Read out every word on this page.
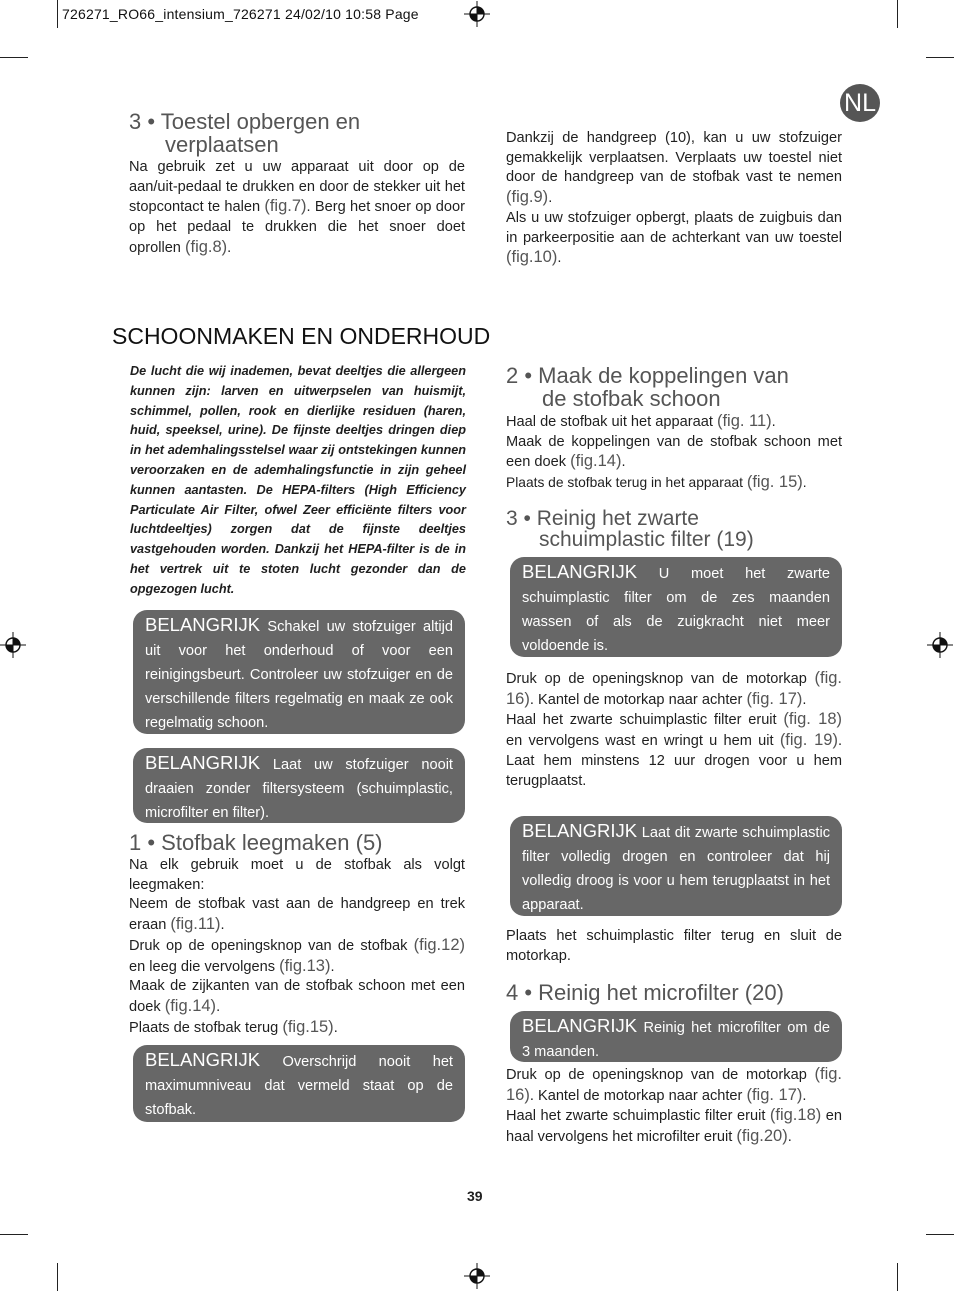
726271_RO66_intensium_726271 24/02/10 10:58 Page
NL
3 • Toestel opbergen en
verplaatsen

Na gebruik zet u uw apparaat uit door op de aan/uit-pedaal te drukken en door de stekker uit het stopcontact te halen (fig.7). Berg het snoer op door op het pedaal te drukken die het snoer doet oprollen (fig.8).

Dankzij de handgreep (10), kan u uw stofzuiger gemakkelijk verplaatsen. Verplaats uw toestel niet door de handgreep van de stofbak vast te nemen (fig.9).

Als u uw stofzuiger opbergt, plaats de zuigbuis dan in parkeerpositie aan de achterkant van uw toestel (fig.10).

SCHOONMAKEN EN ONDERHOUD

De lucht die wij inademen, bevat deeltjes die allergeen kunnen zijn: larven en uitwerpselen van huismijt, schimmel, pollen, rook en dierlijke residuen (haren, huid, speeksel, urine). De fijnste deeltjes dringen diep in het ademhalingsstelsel waar zij ontstekingen kunnen veroorzaken en de ademhalingsfunctie in zijn geheel kunnen aantasten. De HEPA-filters (High Efficiency Particulate Air Filter, ofwel Zeer efficiënte filters voor luchtdeeltjes) zorgen dat de fijnste deeltjes vastgehouden worden. Dankzij het HEPA-filter is de in het vertrek uit te stoten lucht gezonder dan de opgezogen lucht.

BELANGRIJK Schakel uw stofzuiger altijd uit voor het onderhoud of voor een reinigingsbeurt. Controleer uw stofzuiger en de verschillende filters regelmatig en maak ze ook regelmatig schoon.

BELANGRIJK Laat uw stofzuiger nooit draaien zonder filtersysteem (schuimplastic, microfilter en filter).

1 • Stofbak leegmaken (5)

Na elk gebruik moet u de stofbak als volgt leegmaken:

Neem de stofbak vast aan de handgreep en trek eraan (fig.11).

Druk op de openingsknop van de stofbak (fig.12) en leeg die vervolgens (fig.13).

Maak de zijkanten van de stofbak schoon met een doek (fig.14).

Plaats de stofbak terug (fig.15).

BELANGRIJK Overschrijd nooit het maximumniveau dat vermeld staat op de stofbak.

2 • Maak de koppelingen van
de stofbak schoon

Haal de stofbak uit het apparaat (fig. 11).

Maak de koppelingen van de stofbak schoon met een doek (fig.14).

Plaats de stofbak terug in het apparaat (fig. 15).

3 • Reinig het zwarte
schuimplastic filter (19)

BELANGRIJK U moet het zwarte schuimplastic filter om de zes maanden wassen of als de zuigkracht niet meer voldoende is.

Druk op de openingsknop van de motorkap (fig. 16). Kantel de motorkap naar achter (fig. 17).

Haal het zwarte schuimplastic filter eruit (fig. 18) en vervolgens wast en wringt u hem uit (fig. 19). Laat hem minstens 12 uur drogen voor u hem terugplaatst.

BELANGRIJK Laat dit zwarte schuimplastic filter volledig drogen en controleer dat hij volledig droog is voor u hem terugplaatst in het apparaat.

Plaats het schuimplastic filter terug en sluit de motorkap.

4 • Reinig het microfilter (20)

BELANGRIJK Reinig het microfilter om de 3 maanden.

Druk op de openingsknop van de motorkap (fig. 16). Kantel de motorkap naar achter (fig. 17).

Haal het zwarte schuimplastic filter eruit (fig.18) en haal vervolgens het microfilter eruit (fig.20).

39
